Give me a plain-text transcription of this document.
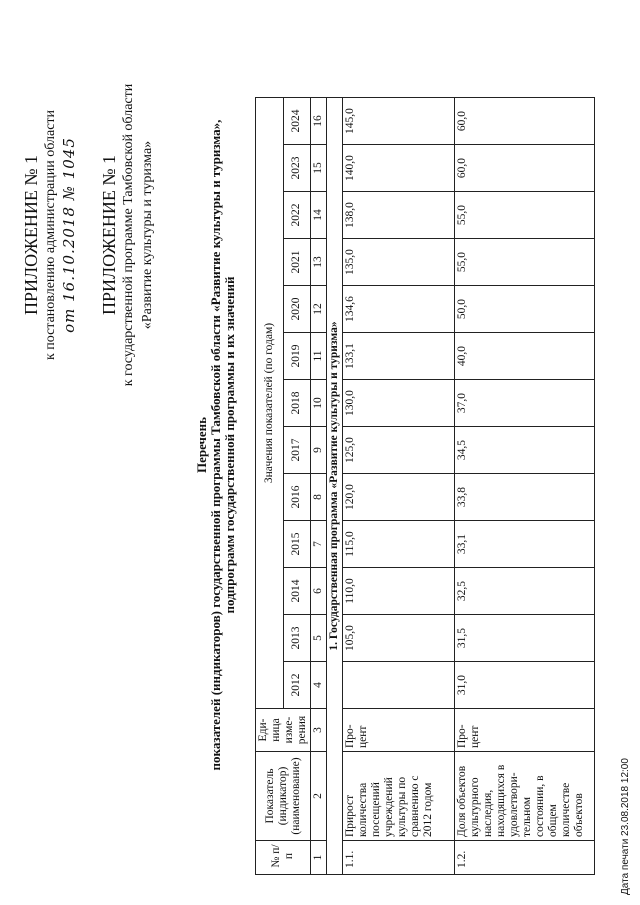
ПРИЛОЖЕНИЕ № 1 к постановлению администрации области от 16.10.2018 № 1045 ПРИЛОЖЕНИЕ № 1 к государственной программе Тамбовской области «Развитие культуры и туризма»
Перечень показателей (индикаторов) государственной программы Тамбовской области «Развитие культуры и туризма», подпрограмм государственной программы и их значений
№ п/п	Показатель (индикатор) (наименование)	Еди-ница изме-рения	Значения показателей (по годам)												
			2012	2013	2014	2015	2016	2017	2018	2019	2020	2021	2022	2023	2024
1	2	3	4	5	6	7	8	9	10	11	12	13	14	15	16
1. Государственная программа «Развитие культуры и туризма»															
1.1.	Прирост количества посещений учреждений культуры по сравнению с 2012 годом	Про-цент		105,0	110,0	115,0	120,0	125,0	130,0	133,1	134,6	135,0	138,0	140,0	145,0
1.2.	Доля объектов культурного наследия, находящихся в удовлетвори-тельном состоянии, в общем количестве объектов	Про-цент	31,0	31,5	32,5	33,1	33,8	34,5	37,0	40,0	50,0	55,0	55,0	60,0	60,0
Дата печати 23.08.2018 12:00
